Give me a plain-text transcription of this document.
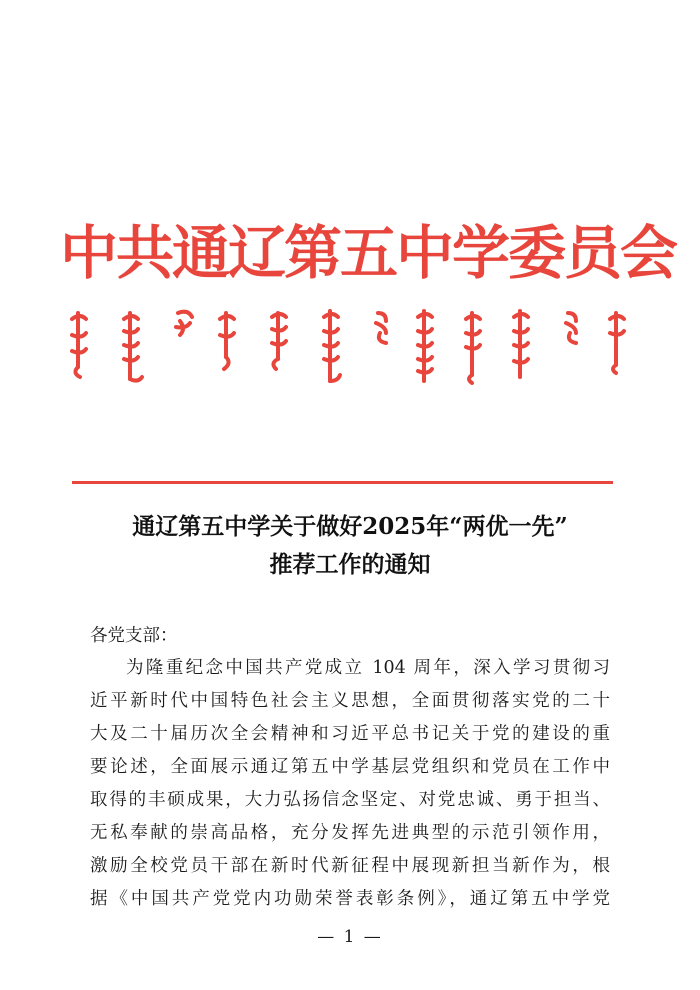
中共通辽第五中学委员会
通辽第五中学关于做好2025年“两优一先”
推荐工作的通知
各党支部：
为隆重纪念中国共产党成立 104 周年，深入学习贯彻习
近平新时代中国特色社会主义思想，全面贯彻落实党的二十
大及二十届历次全会精神和习近平总书记关于党的建设的重
要论述，全面展示通辽第五中学基层党组织和党员在工作中
取得的丰硕成果，大力弘扬信念坚定、对党忠诚、勇于担当、
无私奉献的崇高品格，充分发挥先进典型的示范引领作用，
激励全校党员干部在新时代新征程中展现新担当新作为，根
据《中国共产党党内功勋荣誉表彰条例》，通辽第五中学党
— 1 —
